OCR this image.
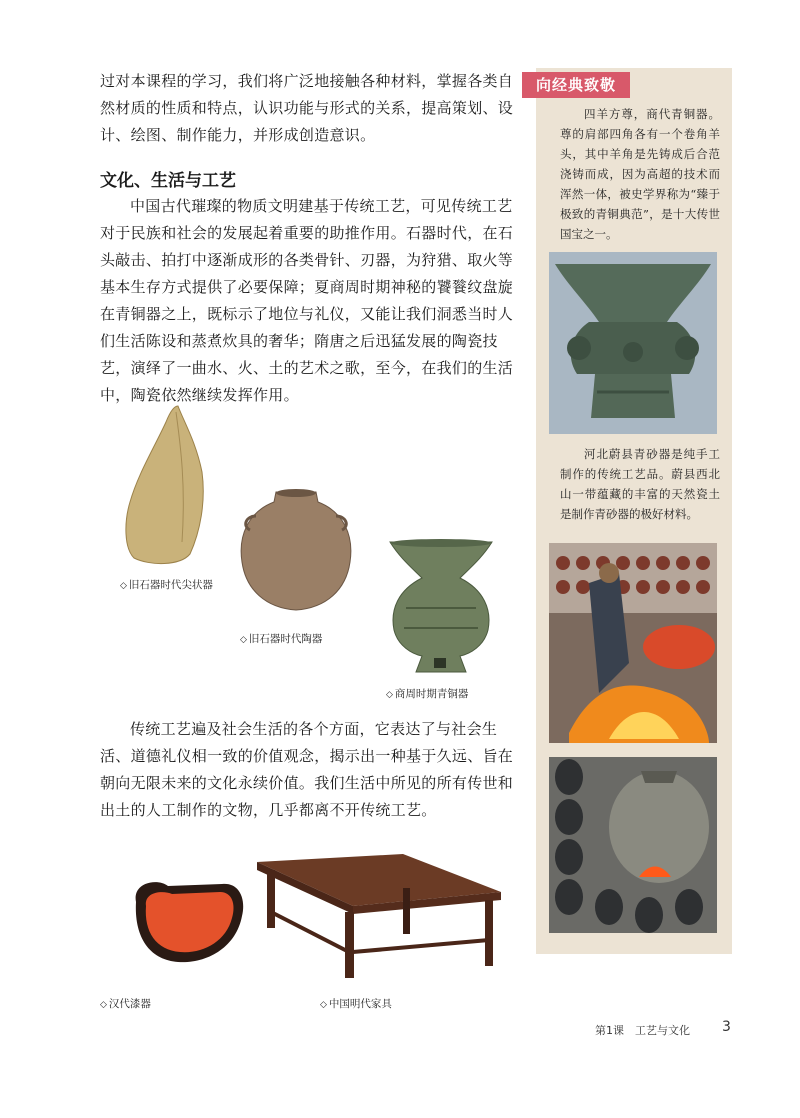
过对本课程的学习，我们将广泛地接触各种材料，掌握各类自然材质的性质和特点，认识功能与形式的关系，提高策划、设计、绘图、制作能力，并形成创造意识。

文化、生活与工艺

中国古代璀璨的物质文明建基于传统工艺，可见传统工艺对于民族和社会的发展起着重要的助推作用。石器时代，在石头敲击、拍打中逐渐成形的各类骨针、刃器，为狩猎、取火等基本生存方式提供了必要保障；夏商周时期神秘的饕餮纹盘旋在青铜器之上，既标示了地位与礼仪，又能让我们洞悉当时人们生活陈设和蒸煮炊具的奢华；隋唐之后迅猛发展的陶瓷技艺，演绎了一曲水、火、土的艺术之歌，至今，在我们的生活中，陶瓷依然继续发挥作用。

◇ 旧石器时代尖状器
◇ 旧石器时代陶器
◇ 商周时期青铜器

传统工艺遍及社会生活的各个方面，它表达了与社会生活、道德礼仪相一致的价值观念，揭示出一种基于久远、旨在朝向无限未来的文化永续价值。我们生活中所见的所有传世和出土的人工制作的文物，几乎都离不开传统工艺。

◇ 汉代漆器	◇ 中国明代家具
向经典致敬

四羊方尊，商代青铜器。尊的肩部四角各有一个卷角羊头，其中羊角是先铸成后合范浇铸而成，因为高超的技术而浑然一体，被史学界称为“臻于极致的青铜典范”，是十大传世国宝之一。

河北蔚县青砂器是纯手工制作的传统工艺品。蔚县西北山一带蕴藏的丰富的天然瓷土是制作青砂器的极好材料。

第1课　工艺与文化 3
